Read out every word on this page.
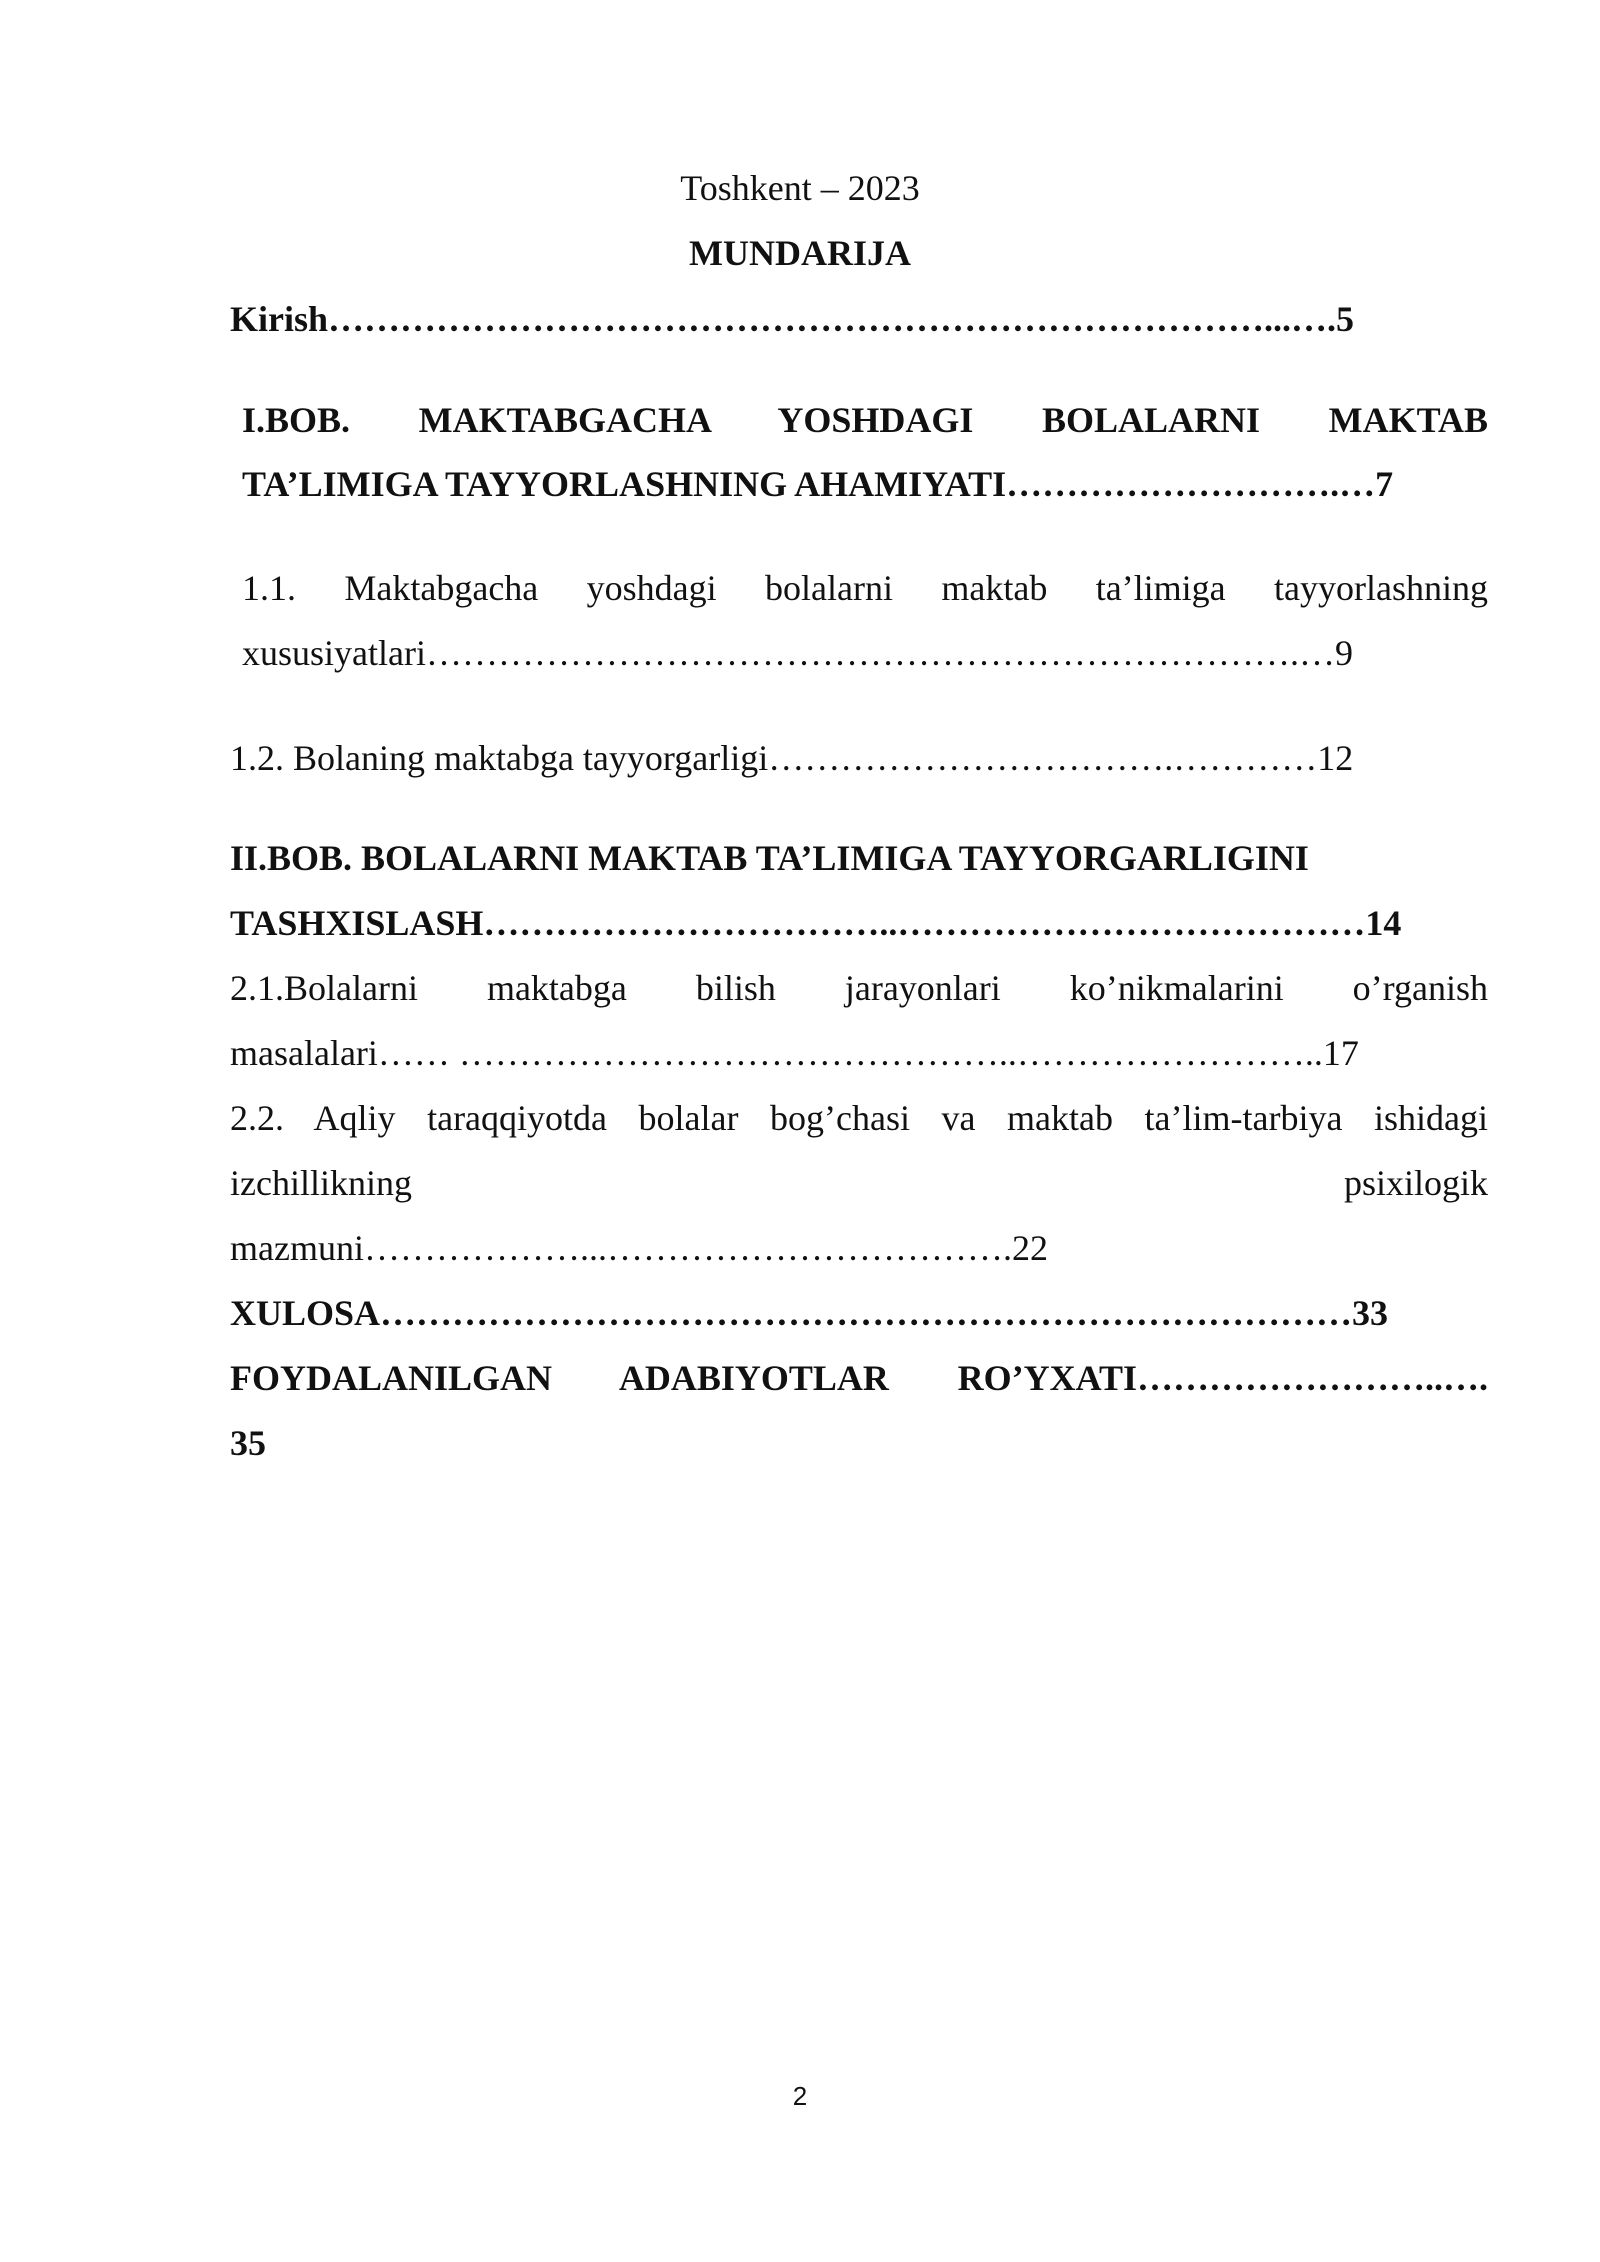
Toshkent – 2023
MUNDARIJA
Kirish……………………………………………………………………...….5
I.BOB. MAKTABGACHA YOSHDAGI BOLALARNI MAKTAB
TA’LIMIGA TAYYORLASHNING AHAMIYATI……………………….…7
1.1. Maktabgacha yoshdagi bolalarni maktab ta’limiga tayyorlashning
xususiyatlari……………………………………………………………….…9
1.2. Bolaning maktabga tayyorgarligi…………………………….…………12
II.BOB. BOLALARNI MAKTAB TA’LIMIGA TAYYORGARLIGINI
TASHXISLASH……………………………..…………………………………14
2.1.Bolalarni maktabga bilish jarayonlari ko’nikmalarini o’rganish
masalalari…… ………………………………………..……………………..17
2.2. Aqliy taraqqiyotda bolalar bog’chasi va maktab ta’lim-tarbiya ishidagi
izchillikning psixilogik
mazmuni………………...…………………………….22
XULOSA………………………………………………………………………33
FOYDALANILGAN ADABIYOTLAR RO’YXATI……………………..….
35
2
